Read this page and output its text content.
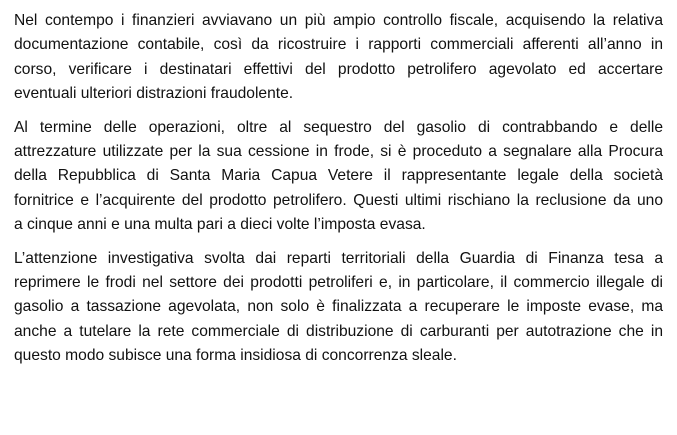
Nel contempo i finanzieri avviavano un più ampio controllo fiscale, acquisendo la relativa
documentazione contabile, così da ricostruire i rapporti commerciali afferenti all’anno in
corso, verificare i destinatari effettivi del prodotto petrolifero agevolato ed accertare
eventuali ulteriori distrazioni fraudolente.

Al termine delle operazioni, oltre al sequestro del gasolio di contrabbando e delle
attrezzature utilizzate per la sua cessione in frode, si è proceduto a segnalare alla Procura
della Repubblica di Santa Maria Capua Vetere il rappresentante legale della società
fornitrice e l’acquirente del prodotto petrolifero. Questi ultimi rischiano la reclusione da uno
a cinque anni e una multa pari a dieci volte l’imposta evasa.

L’attenzione investigativa svolta dai reparti territoriali della Guardia di Finanza tesa a
reprimere le frodi nel settore dei prodotti petroliferi e, in particolare, il commercio illegale di
gasolio a tassazione agevolata, non solo è finalizzata a recuperare le imposte evase, ma
anche a tutelare la rete commerciale di distribuzione di carburanti per autotrazione che in
questo modo subisce una forma insidiosa di concorrenza sleale.
